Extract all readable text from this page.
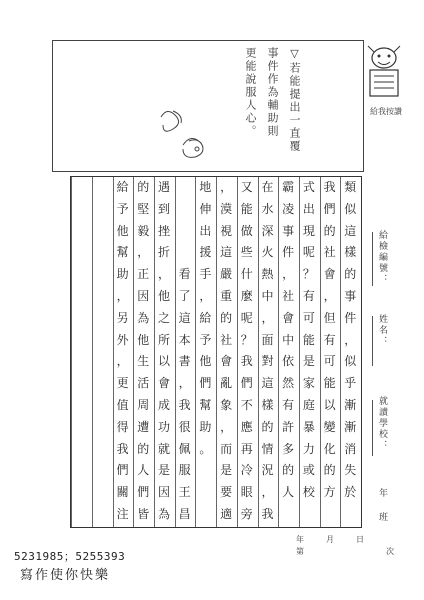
▽若能提出一直覆
事件作為輔助則
更能說服人心。	給我按讚
類
似
這
樣
的
事
件
，
似
乎
漸
漸
消
失
於
我
們
的
社
會
，
但
有
可
能
以
變
化
的
方
式
出
現
呢
？
有
可
能
是
家
庭
暴
力
或
校
霸
凌
事
件
，
社
會
中
依
然
有
許
多
的
人
在
水
深
火
熱
中
，
面
對
這
樣
的
情
況
，
我
又
能
做
些
什
麼
呢
？
我
們
不
應
再
冷
眼
旁
，
漠
視
這
嚴
重
的
社
會
亂
象
，
而
是
要
適
地
伸
出
援
手
，
給
予
他
們
幫
助
。
看
了
這
本
書
，
我
很
佩
服
王
昌
遇
到
挫
折
，
他
之
所
以
會
成
功
就
是
因
為
的
堅
毅
，
正
因
為
他
生
活
周
遭
的
人
們
皆
給
予
他
幫
助
，
另
外
，
更
值
得
我
們
關
注
給檢編號：
姓名：
就讀學校：
年
班
年	月	日
第	次
5231985；5255393
寫作使你快樂
